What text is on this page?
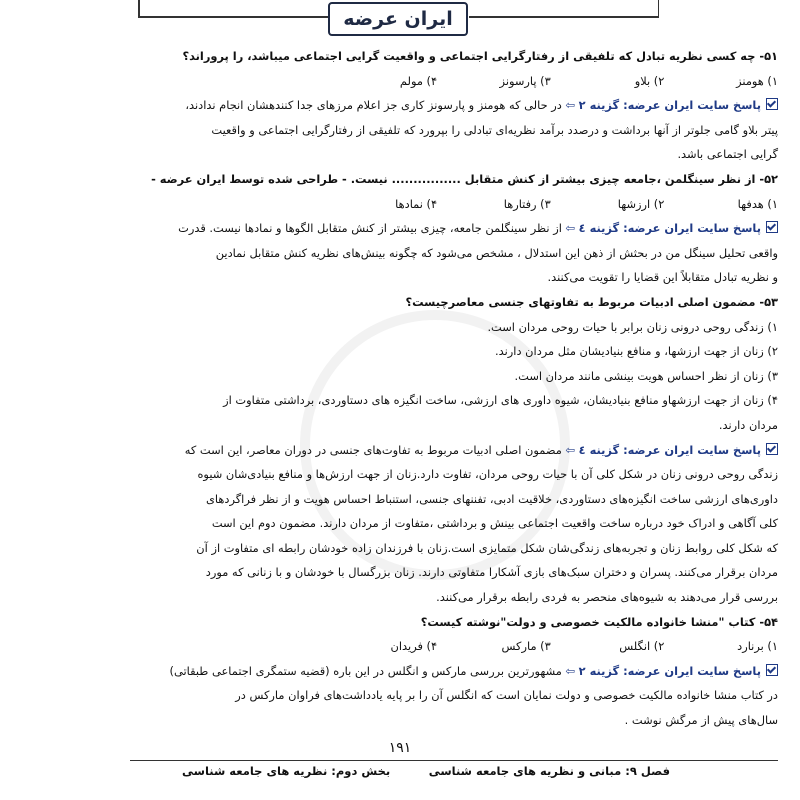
ایران عرضه
۵۱- چه کسی نظریه تبادل که تلفیقی از رفتارگرایی اجتماعی و واقعیت گرایی اجتماعی میباشد، را پروراند؟
۱) هومنز ۲) بلاو ۳) پارسونز ۴) مولم
پاسخ سایت ایران عرضه: گزینه ۲ ⇦ در حالی که هومنز و پارسونز کاری جز اعلام مرزهای جدا کنندهشان انجام ندادند،
پیتر بلاو گامی جلوتر از آنها برداشت و درصدد برآمد نظریه‌ای تبادلی را بپرورد که تلفیقی از رفتارگرایی اجتماعی و واقعیت
گرایی اجتماعی باشد.
۵۲- از نظر سینگلمن ،جامعه چیزی بیشتر از کنش متقابل ................ نیست. - طراحی شده توسط ایران عرضه -
۱) هدفها ۲) ارزشها ۳) رفتارها ۴) نمادها
پاسخ سایت ایران عرضه: گزینه ٤ ⇦ از نظر سینگلمن جامعه، چیزی بیشتر از کنش متقابل الگوها و نمادها نیست. قدرت
واقعی تحلیل سینگل من در بحثش از ذهن این استدلال ، مشخص می‌شود که چگونه بینش‌های نظریه کنش متقابل نمادین
و نظریه تبادل متقابلاً این قضایا را تقویت می‌کنند.
۵۳- مضمون اصلی ادبیات مربوط به تفاوتهای جنسی معاصرچیست؟
۱) زندگی روحی درونی زنان برابر با حیات روحی مردان است.
۲) زنان از جهت ارزشها، و منافع بنیادیشان مثل مردان دارند.
۳) زنان از نظر احساس هویت بینشی مانند مردان است.
۴) زنان از جهت ارزشهاو منافع بنیادیشان، شیوه داوری های ارزشی، ساخت انگیزه های دستاوردی، برداشتی متفاوت از
مردان دارند.
پاسخ سایت ایران عرضه: گزینه ٤ ⇦ مضمون اصلی ادبیات مربوط به تفاوت‌های جنسی در دوران معاصر، این است که
زندگی روحی درونی زنان در شکل کلی آن با حیات روحی مردان، تفاوت دارد.زنان از جهت ارزش‌ها و منافع بنیادی‌شان شیوه
داوری‌های ارزشی ساخت انگیزه‌های دستاوردی، خلاقیت ادبی، تفننهای جنسی، استنباط احساس هویت و از نظر فراگردهای
کلی آگاهی و ادراک خود درباره ساخت واقعیت اجتماعی بینش و برداشتی ،متفاوت از مردان دارند. مضمون دوم این است
که شکل کلی روابط زنان و تجربه‌های زندگی‌شان شکل متمایزی است.زنان با فرزندان زاده خودشان رابطه ای متفاوت از آن
مردان برقرار می‌کنند. پسران و دختران سبک‌های بازی آشکارا متفاوتی دارند. زنان بزرگسال با خودشان و با زنانی که مورد
بررسی قرار می‌دهند به شیوه‌های منحصر به فردی رابطه برقرار می‌کنند.
۵۴- کتاب "منشا خانواده مالکیت خصوصی و دولت"نوشته کیست؟
۱) برنارد ۲) انگلس ۳) مارکس ۴) فریدان
پاسخ سایت ایران عرضه: گزینه ۲ ⇦ مشهورترین بررسی مارکس و انگلس در این باره (قضیه ستمگری اجتماعی طبقاتی)
در کتاب منشا خانواده مالکیت خصوصی و دولت نمایان است که انگلس آن را بر پایه یادداشت‌های فراوان مارکس در
سال‌های پیش از مرگش نوشت .
۱۹۱
بخش دوم: نظریه های جامعه شناسی	فصل ۹: مبانی و نظریه های جامعه شناسی
